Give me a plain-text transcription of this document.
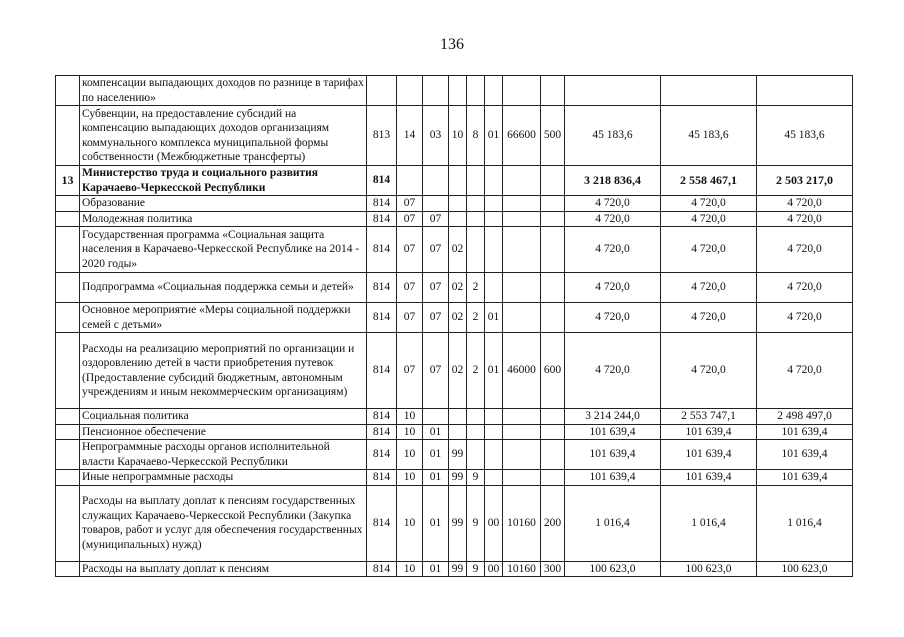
136
	компенсации выпадающих доходов по разнице в тарифах по населению»											
	Субвенции, на предоставление субсидий на компенсацию выпадающих доходов организациям коммунального комплекса муниципальной формы собственности (Межбюджетные трансферты)	813	14	03	10	8	01	66600	500	45 183,6	45 183,6	45 183,6
13	Министерство труда и социального развития Карачаево-Черкесской Республики	814								3 218 836,4	2 558 467,1	2 503 217,0
	Образование	814	07							4 720,0	4 720,0	4 720,0
	Молодежная политика	814	07	07						4 720,0	4 720,0	4 720,0
	Государственная программа «Социальная защита населения в Карачаево-Черкесской Республике на 2014 - 2020 годы»	814	07	07	02					4 720,0	4 720,0	4 720,0
	Подпрограмма «Социальная поддержка семьи и детей»	814	07	07	02	2				4 720,0	4 720,0	4 720,0
	Основное мероприятие «Меры социальной поддержки семей с детьми»	814	07	07	02	2	01			4 720,0	4 720,0	4 720,0
	Расходы на реализацию мероприятий по организации и оздоровлению детей в части приобретения путевок (Предоставление субсидий бюджетным, автономным учреждениям и иным некоммерческим организациям)	814	07	07	02	2	01	46000	600	4 720,0	4 720,0	4 720,0
	Социальная политика	814	10							3 214 244,0	2 553 747,1	2 498 497,0
	Пенсионное обеспечение	814	10	01						101 639,4	101 639,4	101 639,4
	Непрограммные расходы органов исполнительной власти Карачаево-Черкесской Республики	814	10	01	99					101 639,4	101 639,4	101 639,4
	Иные непрограммные расходы	814	10	01	99	9				101 639,4	101 639,4	101 639,4
	Расходы на выплату доплат к пенсиям государственных служащих Карачаево-Черкесской Республики (Закупка товаров, работ и услуг для обеспечения государственных (муниципальных) нужд)	814	10	01	99	9	00	10160	200	1 016,4	1 016,4	1 016,4
	Расходы на выплату доплат к пенсиям	814	10	01	99	9	00	10160	300	100 623,0	100 623,0	100 623,0
